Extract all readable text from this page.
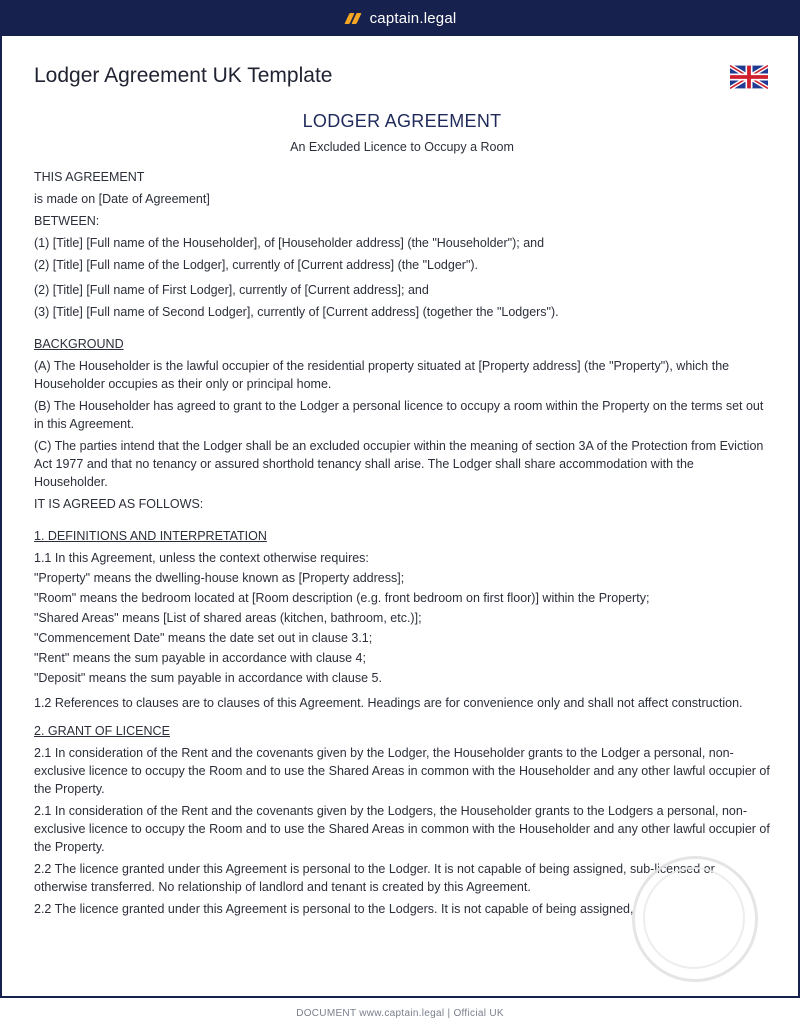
captain.legal
Lodger Agreement UK Template
LODGER AGREEMENT
An Excluded Licence to Occupy a Room

THIS AGREEMENT

is made on [Date of Agreement]

BETWEEN:

(1) [Title] [Full name of the Householder], of [Householder address] (the "Householder"); and

(2) [Title] [Full name of the Lodger], currently of [Current address] (the "Lodger").

(2) [Title] [Full name of First Lodger], currently of [Current address]; and

(3) [Title] [Full name of Second Lodger], currently of [Current address] (together the "Lodgers").

BACKGROUND

(A) The Householder is the lawful occupier of the residential property situated at [Property address] (the "Property"), which the Householder occupies as their only or principal home.

(B) The Householder has agreed to grant to the Lodger a personal licence to occupy a room within the Property on the terms set out in this Agreement.

(C) The parties intend that the Lodger shall be an excluded occupier within the meaning of section 3A of the Protection from Eviction Act 1977 and that no tenancy or assured shorthold tenancy shall arise. The Lodger shall share accommodation with the Householder.

IT IS AGREED AS FOLLOWS:

1. DEFINITIONS AND INTERPRETATION

1.1 In this Agreement, unless the context otherwise requires:

"Property" means the dwelling-house known as [Property address];

"Room" means the bedroom located at [Room description (e.g. front bedroom on first floor)] within the Property;

"Shared Areas" means [List of shared areas (kitchen, bathroom, etc.)];

"Commencement Date" means the date set out in clause 3.1;

"Rent" means the sum payable in accordance with clause 4;

"Deposit" means the sum payable in accordance with clause 5.

1.2 References to clauses are to clauses of this Agreement. Headings are for convenience only and shall not affect construction.

2. GRANT OF LICENCE

2.1 In consideration of the Rent and the covenants given by the Lodger, the Householder grants to the Lodger a personal, non-exclusive licence to occupy the Room and to use the Shared Areas in common with the Householder and any other lawful occupier of the Property.

2.1 In consideration of the Rent and the covenants given by the Lodgers, the Householder grants to the Lodgers a personal, non-exclusive licence to occupy the Room and to use the Shared Areas in common with the Householder and any other lawful occupier of the Property.

2.2 The licence granted under this Agreement is personal to the Lodger. It is not capable of being assigned, sub-licensed or otherwise transferred. No relationship of landlord and tenant is created by this Agreement.

2.2 The licence granted under this Agreement is personal to the Lodgers. It is not capable of being assigned,

DOCUMENT www.captain.legal | Official UK
